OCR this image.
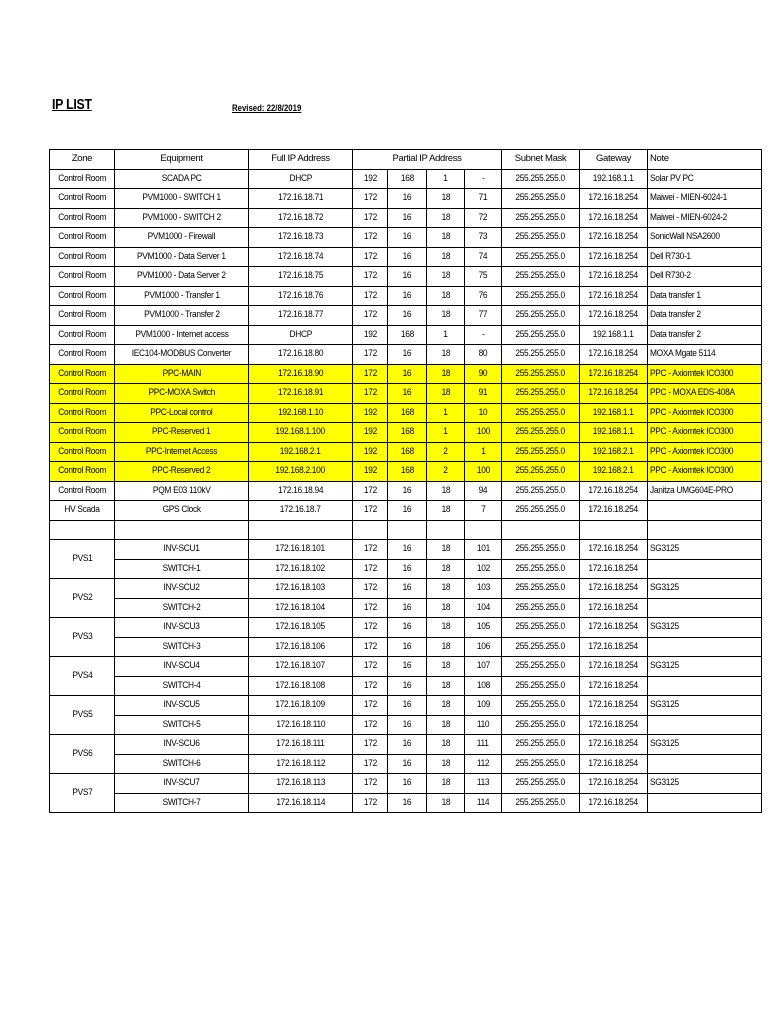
IP LIST	Revised: 22/8/2019
Zone	Equipment	Full IP Address	Partial IP Address				Subnet Mask	Gateway	Note
Control Room	SCADA PC	DHCP	192	168	1	-	255.255.255.0	192.168.1.1	Solar PV PC
Control Room	PVM1000 - SWITCH 1	172.16.18.71	172	16	18	71	255.255.255.0	172.16.18.254	Maiwei - MIEN-6024-1
Control Room	PVM1000 - SWITCH 2	172.16.18.72	172	16	18	72	255.255.255.0	172.16.18.254	Maiwei - MIEN-6024-2
Control Room	PVM1000 - Firewall	172.16.18.73	172	16	18	73	255.255.255.0	172.16.18.254	SonicWall NSA2600
Control Room	PVM1000 - Data Server 1	172.16.18.74	172	16	18	74	255.255.255.0	172.16.18.254	Dell R730-1
Control Room	PVM1000 - Data Server 2	172.16.18.75	172	16	18	75	255.255.255.0	172.16.18.254	Dell R730-2
Control Room	PVM1000 - Transfer 1	172.16.18.76	172	16	18	76	255.255.255.0	172.16.18.254	Data transfer 1
Control Room	PVM1000 - Transfer 2	172.16.18.77	172	16	18	77	255.255.255.0	172.16.18.254	Data transfer 2
Control Room	PVM1000 - Internet access	DHCP	192	168	1	-	255.255.255.0	192.168.1.1	Data transfer 2
Control Room	IEC104-MODBUS Converter	172.16.18.80	172	16	18	80	255.255.255.0	172.16.18.254	MOXA Mgate 5114
Control Room	PPC-MAIN	172.16.18.90	172	16	18	90	255.255.255.0	172.16.18.254	PPC - Axiomtek ICO300
Control Room	PPC-MOXA Switch	172.16.18.91	172	16	18	91	255.255.255.0	172.16.18.254	PPC - MOXA EDS-408A
Control Room	PPC-Local control	192.168.1.10	192	168	1	10	255.255.255.0	192.168.1.1	PPC - Axiomtek ICO300
Control Room	PPC-Reserved 1	192.168.1.100	192	168	1	100	255.255.255.0	192.168.1.1	PPC - Axiomtek ICO300
Control Room	PPC-Internet Access	192.168.2.1	192	168	2	1	255.255.255.0	192.168.2.1	PPC - Axiomtek ICO300
Control Room	PPC-Reserved 2	192.168.2.100	192	168	2	100	255.255.255.0	192.168.2.1	PPC - Axiomtek ICO300
Control Room	PQM E03 110kV	172.16.18.94	172	16	18	94	255.255.255.0	172.16.18.254	Janitza UMG604E-PRO
HV Scada	GPS Clock	172.16.18.7	172	16	18	7	255.255.255.0	172.16.18.254	

PVS1	INV-SCU1	172.16.18.101	172	16	18	101	255.255.255.0	172.16.18.254	SG3125
	SWITCH-1	172.16.18.102	172	16	18	102	255.255.255.0	172.16.18.254	
PVS2	INV-SCU2	172.16.18.103	172	16	18	103	255.255.255.0	172.16.18.254	SG3125
	SWITCH-2	172.16.18.104	172	16	18	104	255.255.255.0	172.16.18.254	
PVS3	INV-SCU3	172.16.18.105	172	16	18	105	255.255.255.0	172.16.18.254	SG3125
	SWITCH-3	172.16.18.106	172	16	18	106	255.255.255.0	172.16.18.254	
PVS4	INV-SCU4	172.16.18.107	172	16	18	107	255.255.255.0	172.16.18.254	SG3125
	SWITCH-4	172.16.18.108	172	16	18	108	255.255.255.0	172.16.18.254	
PVS5	INV-SCU5	172.16.18.109	172	16	18	109	255.255.255.0	172.16.18.254	SG3125
	SWITCH-5	172.16.18.110	172	16	18	110	255.255.255.0	172.16.18.254	
PVS6	INV-SCU6	172.16.18.111	172	16	18	111	255.255.255.0	172.16.18.254	SG3125
	SWITCH-6	172.16.18.112	172	16	18	112	255.255.255.0	172.16.18.254	
PVS7	INV-SCU7	172.16.18.113	172	16	18	113	255.255.255.0	172.16.18.254	SG3125
	SWITCH-7	172.16.18.114	172	16	18	114	255.255.255.0	172.16.18.254	
